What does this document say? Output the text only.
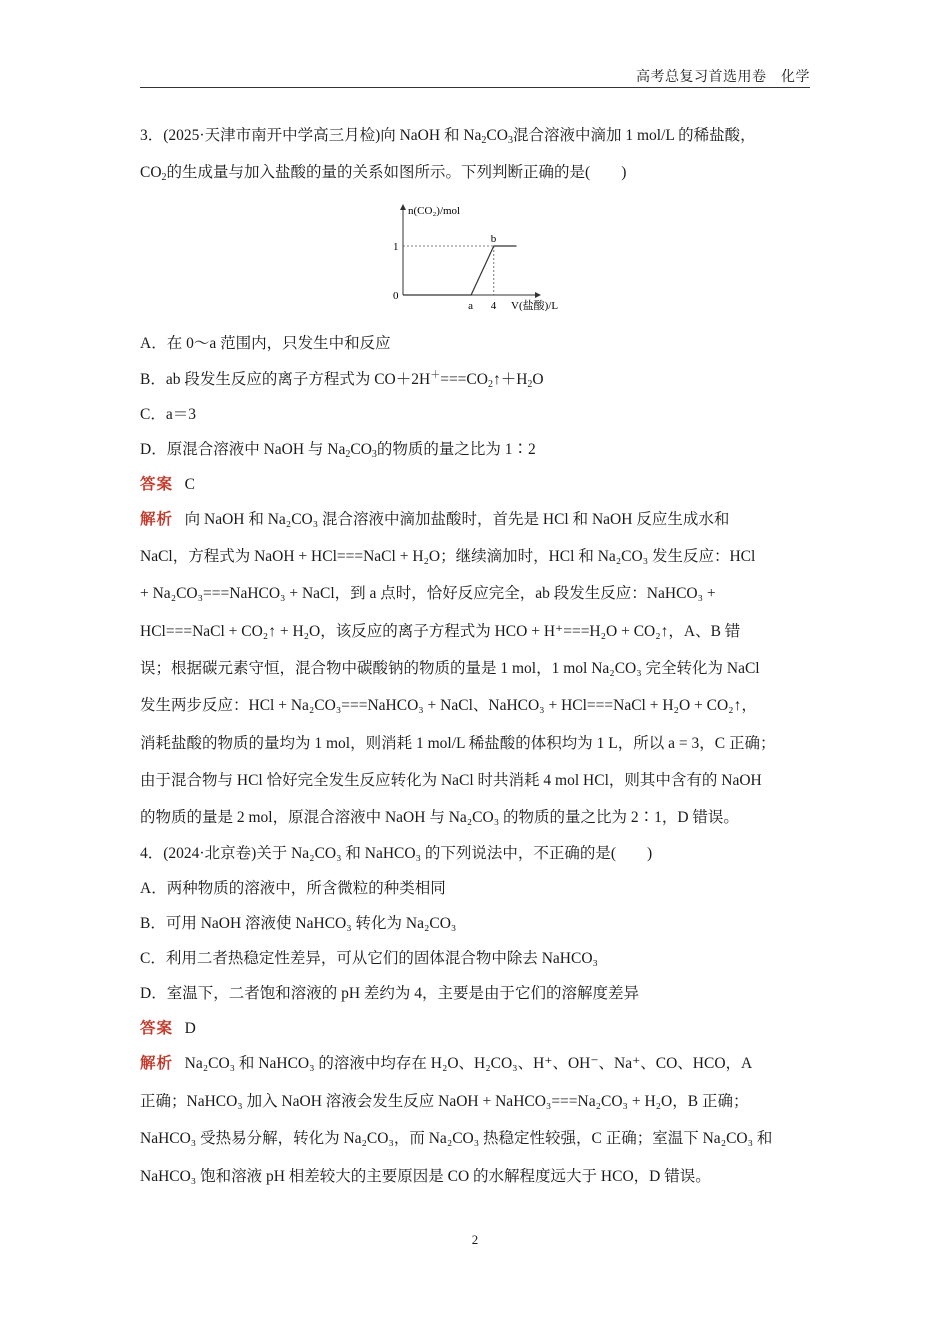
高考总复习首选用卷　化学
3．(2025·天津市南开中学高三月检)向 NaOH 和 $Na_2CO_3$混合溶液中滴加 1 mol/L 的稀盐酸，
$CO_2$的生成量与加入盐酸的量的关系如图所示。下列判断正确的是(　　)
0
1
a 4
b
n(CO₂)/mol
V(盐酸)/L
A．在 0～a 范围内，只发生中和反应
B．ab 段发生反应的离子方程式为 $CO+2H^+===CO_2↑+H_2O$
C．a＝3
D．原混合溶液中 NaOH 与 $Na_2CO_3$的物质的量之比为 1∶2
答案 C
解析 向 NaOH 和 Na₂CO₃ 混合溶液中滴加盐酸时，首先是 HCl 和 NaOH 反应生成水和
NaCl，方程式为 NaOH + HCl===NaCl + H₂O；继续滴加时，HCl 和 Na₂CO₃ 发生反应：HCl
+ Na₂CO₃===NaHCO₃ + NaCl，到 a 点时，恰好反应完全，ab 段发生反应：NaHCO₃ +
HCl===NaCl + CO₂↑ + H₂O，该反应的离子方程式为 HCO + H⁺===H₂O + CO₂↑，A、B 错
误；根据碳元素守恒，混合物中碳酸钠的物质的量是 1 mol，1 mol Na₂CO₃ 完全转化为 NaCl
发生两步反应：HCl + Na₂CO₃===NaHCO₃ + NaCl、NaHCO₃ + HCl===NaCl + H₂O + CO₂↑，
消耗盐酸的物质的量均为 1 mol，则消耗 1 mol/L 稀盐酸的体积均为 1 L，所以 a = 3，C 正确；
由于混合物与 HCl 恰好完全发生反应转化为 NaCl 时共消耗 4 mol HCl，则其中含有的 NaOH
的物质的量是 2 mol，原混合溶液中 NaOH 与 Na₂CO₃ 的物质的量之比为 2∶1，D 错误。
4．(2024·北京卷)关于 Na₂CO₃ 和 NaHCO₃ 的下列说法中，不正确的是(　　)
A．两种物质的溶液中，所含微粒的种类相同
B．可用 NaOH 溶液使 NaHCO₃ 转化为 Na₂CO₃
C．利用二者热稳定性差异，可从它们的固体混合物中除去 NaHCO₃
D．室温下，二者饱和溶液的 pH 差约为 4，主要是由于它们的溶解度差异
答案 D
解析 Na₂CO₃ 和 NaHCO₃ 的溶液中均存在 H₂O、H₂CO₃、H⁺、OH⁻、Na⁺、CO、HCO，A
正确；NaHCO₃ 加入 NaOH 溶液会发生反应 NaOH + NaHCO₃===Na₂CO₃ + H₂O，B 正确；
NaHCO₃ 受热易分解，转化为 Na₂CO₃，而 Na₂CO₃ 热稳定性较强，C 正确；室温下 Na₂CO₃ 和
NaHCO₃ 饱和溶液 pH 相差较大的主要原因是 CO 的水解程度远大于 HCO，D 错误。
2
